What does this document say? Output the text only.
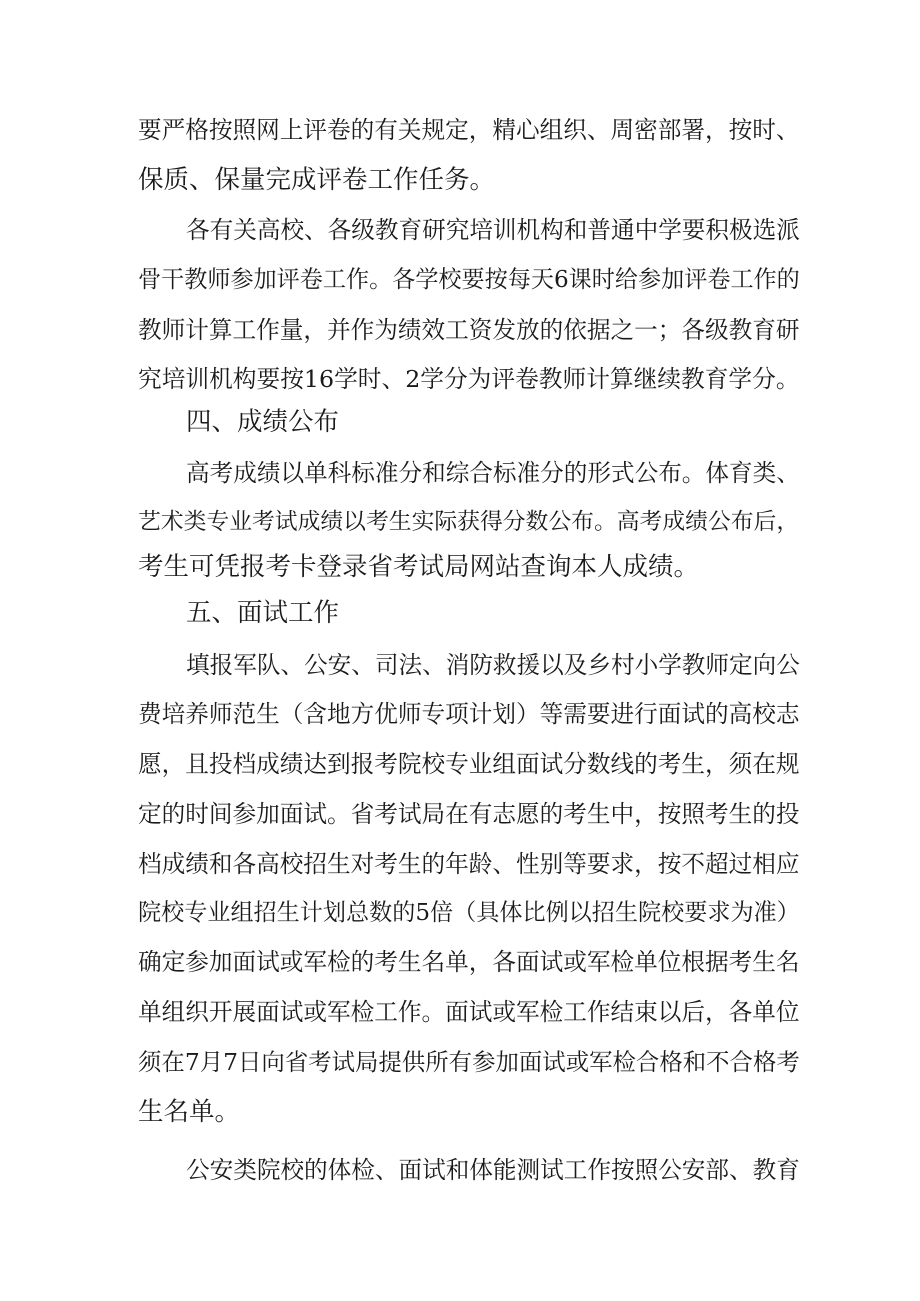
要严格按照网上评卷的有关规定，精心组织、周密部署，按时、

保质、保量完成评卷工作任务。

各有关高校、各级教育研究培训机构和普通中学要积极选派

骨干教师参加评卷工作。各学校要按每天6课时给参加评卷工作的

教师计算工作量，并作为绩效工资发放的依据之一；各级教育研

究培训机构要按16学时、2学分为评卷教师计算继续教育学分。

四、成绩公布

高考成绩以单科标准分和综合标准分的形式公布。体育类、

艺术类专业考试成绩以考生实际获得分数公布。高考成绩公布后，

考生可凭报考卡登录省考试局网站查询本人成绩。

五、面试工作

填报军队、公安、司法、消防救援以及乡村小学教师定向公

费培养师范生（含地方优师专项计划）等需要进行面试的高校志

愿，且投档成绩达到报考院校专业组面试分数线的考生，须在规

定的时间参加面试。省考试局在有志愿的考生中，按照考生的投

档成绩和各高校招生对考生的年龄、性别等要求，按不超过相应

院校专业组招生计划总数的5倍（具体比例以招生院校要求为准）

确定参加面试或军检的考生名单，各面试或军检单位根据考生名

单组织开展面试或军检工作。面试或军检工作结束以后，各单位

须在7月7日向省考试局提供所有参加面试或军检合格和不合格考

生名单。

公安类院校的体检、面试和体能测试工作按照公安部、教育
